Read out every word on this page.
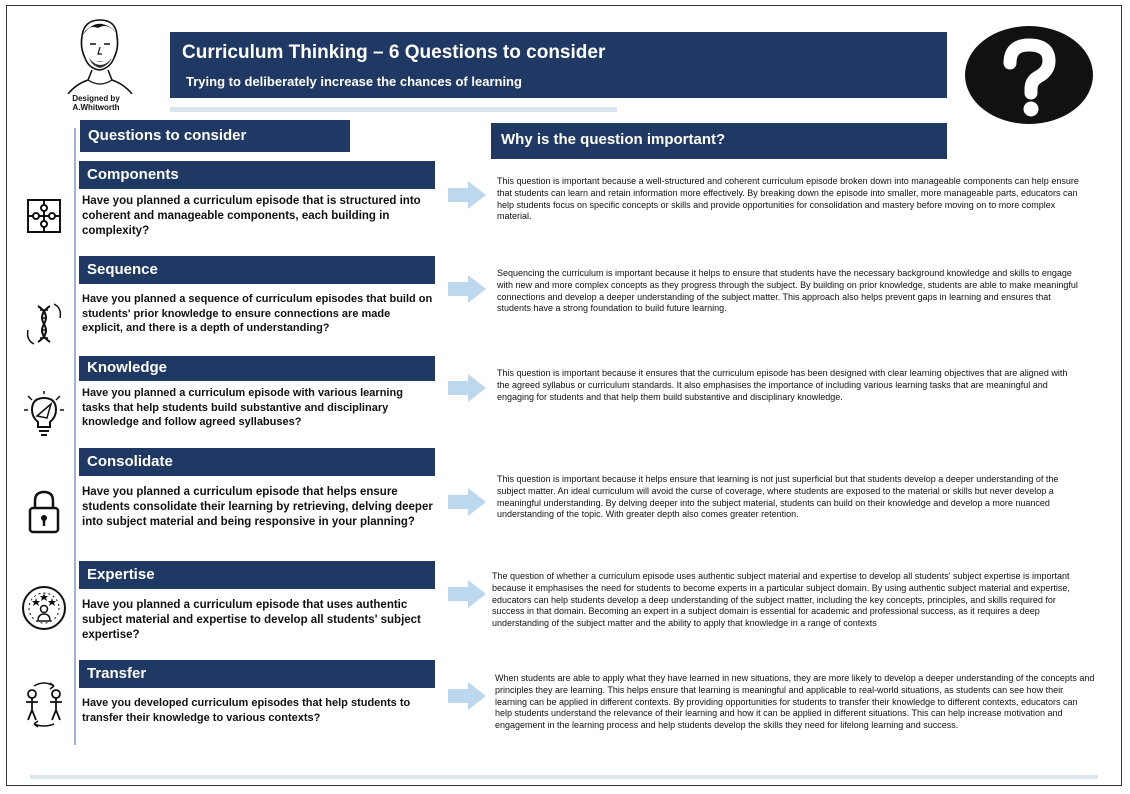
Designed by
A.Whitworth
Curriculum Thinking – 6 Questions to consider
Trying to deliberately increase the chances of learning
Questions to consider	Why is the question important?
Components
Have you planned a curriculum episode that is structured into coherent and manageable components, each building in complexity?
This question is important because a well-structured and coherent curriculum episode broken down into manageable components can help ensure that students can learn and retain information more effectively. By breaking down the episode into smaller, more manageable parts, educators can help students focus on specific concepts or skills and provide opportunities for consolidation and mastery before moving on to more complex material.
Sequence
Have you planned a sequence of curriculum episodes that build on students' prior knowledge to ensure connections are made explicit, and there is a depth of understanding?
Sequencing the curriculum is important because it helps to ensure that students have the necessary background knowledge and skills to engage with new and more complex concepts as they progress through the subject. By building on prior knowledge, students are able to make meaningful connections and develop a deeper understanding of the subject matter. This approach also helps prevent gaps in learning and ensures that students have a strong foundation to build future learning.
Knowledge
Have you planned a curriculum episode with various learning tasks that help students build substantive and disciplinary knowledge and follow agreed syllabuses?
This question is important because it ensures that the curriculum episode has been designed with clear learning objectives that are aligned with the agreed syllabus or curriculum standards. It also emphasises the importance of including various learning tasks that are meaningful and engaging for students and that help them build substantive and disciplinary knowledge.
Consolidate
Have you planned a curriculum episode that helps ensure students consolidate their learning by retrieving, delving deeper into subject material and being responsive in your planning?
This question is important because it helps ensure that learning is not just superficial but that students develop a deeper understanding of the subject matter. An ideal curriculum will avoid the curse of coverage, where students are exposed to the material or skills but never develop a meaningful understanding. By delving deeper into the subject material, students can build on their knowledge and develop a more nuanced understanding of the topic. With greater depth also comes greater retention.
Expertise
Have you planned a curriculum episode that uses authentic subject material and expertise to develop all students' subject expertise?
The question of whether a curriculum episode uses authentic subject material and expertise to develop all students' subject expertise is important because it emphasises the need for students to become experts in a particular subject domain. By using authentic subject material and expertise, educators can help students develop a deep understanding of the subject matter, including the key concepts, principles, and skills required for success in that domain. Becoming an expert in a subject domain is essential for academic and professional success, as it requires a deep understanding of the subject matter and the ability to apply that knowledge in a range of contexts
Transfer
Have you developed curriculum episodes that help students to transfer their knowledge to various contexts?
When students are able to apply what they have learned in new situations, they are more likely to develop a deeper understanding of the concepts and principles they are learning. This helps ensure that learning is meaningful and applicable to real-world situations, as students can see how their learning can be applied in different contexts. By providing opportunities for students to transfer their knowledge to different contexts, educators can help students understand the relevance of their learning and how it can be applied in different situations. This can help increase motivation and engagement in the learning process and help students develop the skills they need for lifelong learning and success.
